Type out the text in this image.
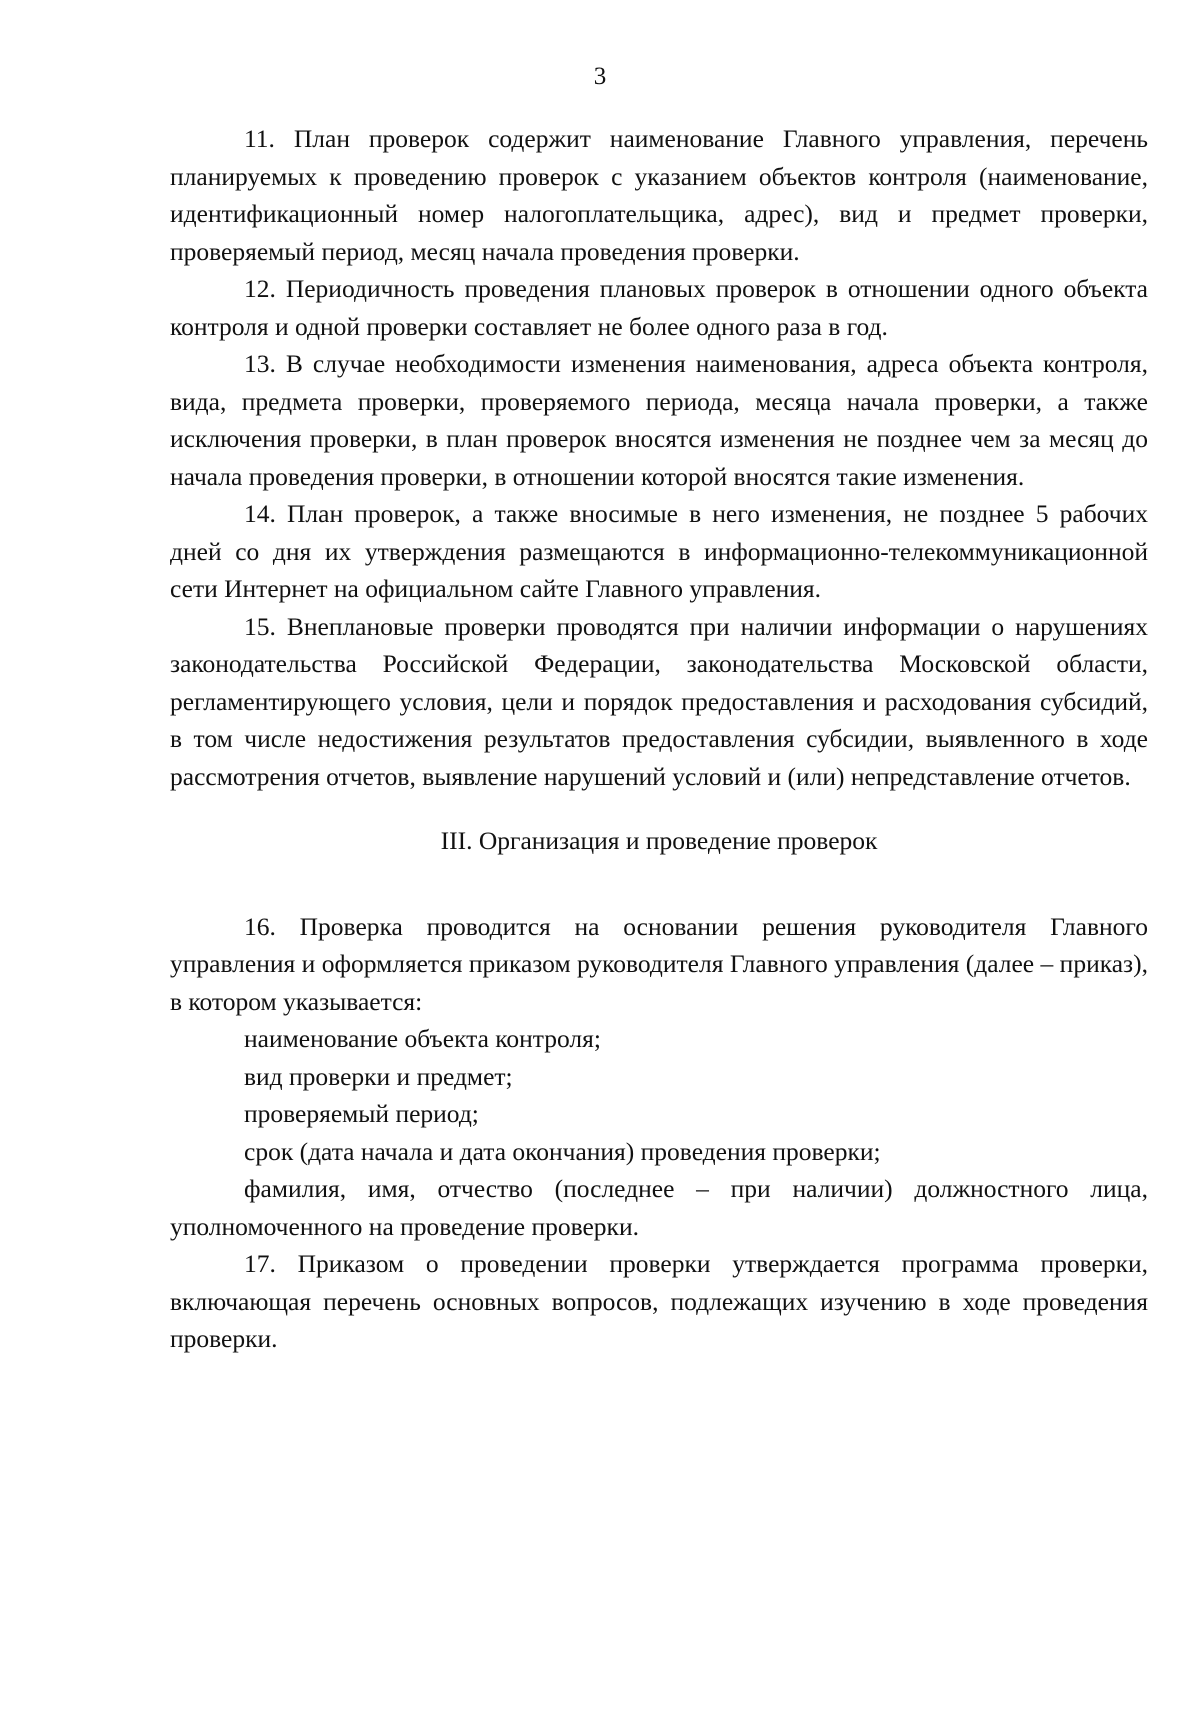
3

11. План проверок содержит наименование Главного управления, перечень планируемых к проведению проверок с указанием объектов контроля (наименование, идентификационный номер налогоплательщика, адрес), вид и предмет проверки, проверяемый период, месяц начала проведения проверки.

12. Периодичность проведения плановых проверок в отношении одного объекта контроля и одной проверки составляет не более одного раза в год.

13. В случае необходимости изменения наименования, адреса объекта контроля, вида, предмета проверки, проверяемого периода, месяца начала проверки, а также исключения проверки, в план проверок вносятся изменения не позднее чем за месяц до начала проведения проверки, в отношении которой вносятся такие изменения.

14. План проверок, а также вносимые в него изменения, не позднее 5 рабочих дней со дня их утверждения размещаются в информационно-телекоммуникационной сети Интернет на официальном сайте Главного управления.

15. Внеплановые проверки проводятся при наличии информации о нарушениях законодательства Российской Федерации, законодательства Московской области, регламентирующего условия, цели и порядок предоставления и расходования субсидий, в том числе недостижения результатов предоставления субсидии, выявленного в ходе рассмотрения отчетов, выявление нарушений условий и (или) непредставление отчетов.

III. Организация и проведение проверок

16. Проверка проводится на основании решения руководителя Главного управления и оформляется приказом руководителя Главного управления (далее – приказ), в котором указывается:

наименование объекта контроля;

вид проверки и предмет;

проверяемый период;

срок (дата начала и дата окончания) проведения проверки;

фамилия, имя, отчество (последнее – при наличии) должностного лица, уполномоченного на проведение проверки.

17. Приказом о проведении проверки утверждается программа проверки, включающая перечень основных вопросов, подлежащих изучению в ходе проведения проверки.
